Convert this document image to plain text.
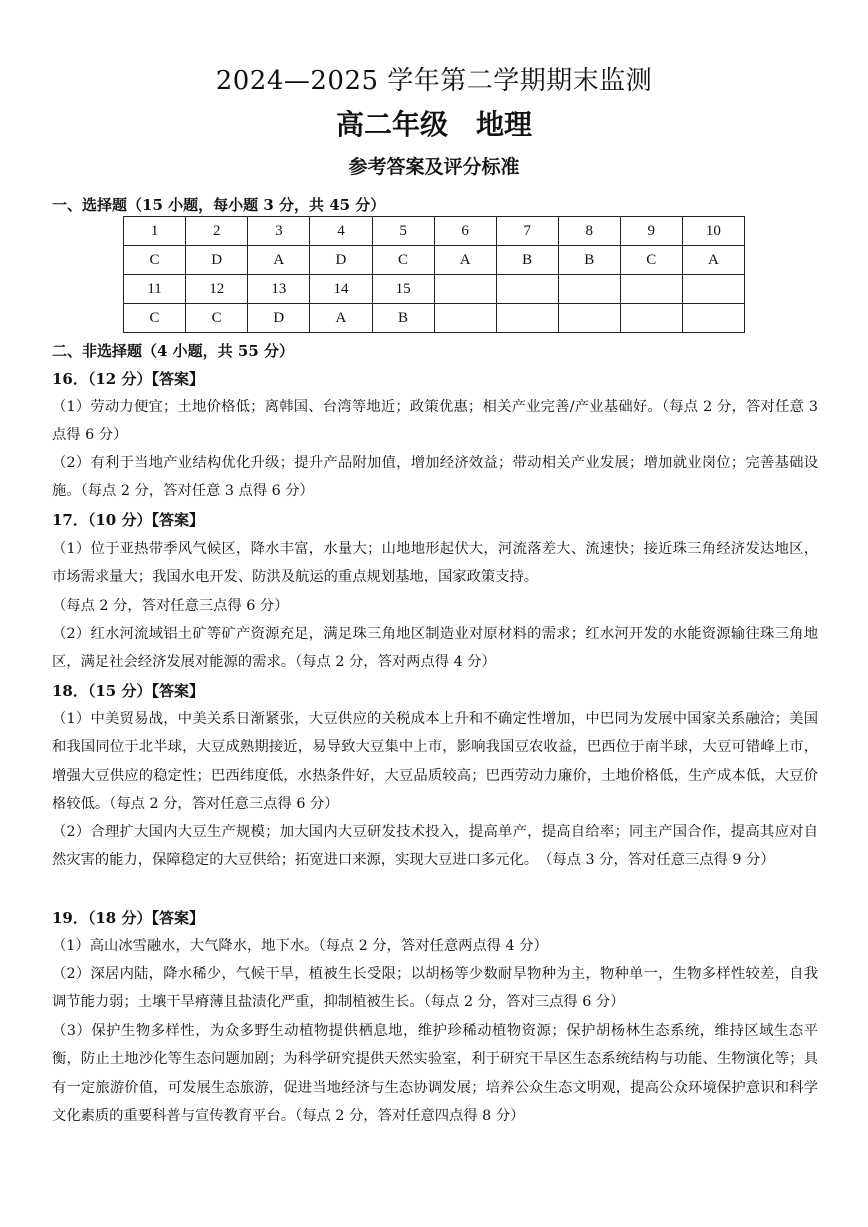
2024—2025 学年第二学期期末监测
高二年级　地理
参考答案及评分标准
一、选择题（15 小题，每小题 3 分，共 45 分）
1	2	3	4	5	6	7	8	9	10
C	D	A	D	C	A	B	B	C	A
11	12	13	14	15					
C	C	D	A	B					
二、非选择题（4 小题，共 55 分）
16．（12 分）【答案】
（1）劳动力便宜；土地价格低；离韩国、台湾等地近；政策优惠；相关产业完善/产业基础好。（每点 2 分，答对任意 3 点得 6 分）
（2）有利于当地产业结构优化升级；提升产品附加值，增加经济效益；带动相关产业发展；增加就业岗位；完善基础设施。（每点 2 分，答对任意 3 点得 6 分）
17．（10 分）【答案】
（1）位于亚热带季风气候区，降水丰富，水量大；山地地形起伏大，河流落差大、流速快；接近珠三角经济发达地区，市场需求量大；我国水电开发、防洪及航运的重点规划基地，国家政策支持。
（每点 2 分，答对任意三点得 6 分）
（2）红水河流域铝土矿等矿产资源充足，满足珠三角地区制造业对原材料的需求；红水河开发的水能资源输往珠三角地区，满足社会经济发展对能源的需求。（每点 2 分，答对两点得 4 分）
18．（15 分）【答案】
（1）中美贸易战，中美关系日渐紧张，大豆供应的关税成本上升和不确定性增加，中巴同为发展中国家关系融洽；美国和我国同位于北半球，大豆成熟期接近，易导致大豆集中上市，影响我国豆农收益，巴西位于南半球，大豆可错峰上市，增强大豆供应的稳定性；巴西纬度低，水热条件好，大豆品质较高；巴西劳动力廉价，土地价格低，生产成本低，大豆价格较低。（每点 2 分，答对任意三点得 6 分）
（2）合理扩大国内大豆生产规模；加大国内大豆研发技术投入，提高单产，提高自给率；同主产国合作，提高其应对自然灾害的能力，保障稳定的大豆供给；拓宽进口来源，实现大豆进口多元化。　（每点 3 分，答对任意三点得 9 分）
19．（18 分）【答案】
（1）高山冰雪融水，大气降水，地下水。（每点 2 分，答对任意两点得 4 分）
（2）深居内陆，降水稀少，气候干旱，植被生长受限；以胡杨等少数耐旱物种为主，物种单一，生物多样性较差，自我调节能力弱；土壤干旱瘠薄且盐渍化严重，抑制植被生长。（每点 2 分，答对三点得 6 分）
（3）保护生物多样性，为众多野生动植物提供栖息地，维护珍稀动植物资源；保护胡杨林生态系统，维持区域生态平衡，防止土地沙化等生态问题加剧；为科学研究提供天然实验室，利于研究干旱区生态系统结构与功能、生物演化等；具有一定旅游价值，可发展生态旅游，促进当地经济与生态协调发展；培养公众生态文明观，提高公众环境保护意识和科学文化素质的重要科普与宣传教育平台。（每点 2 分，答对任意四点得 8 分）
